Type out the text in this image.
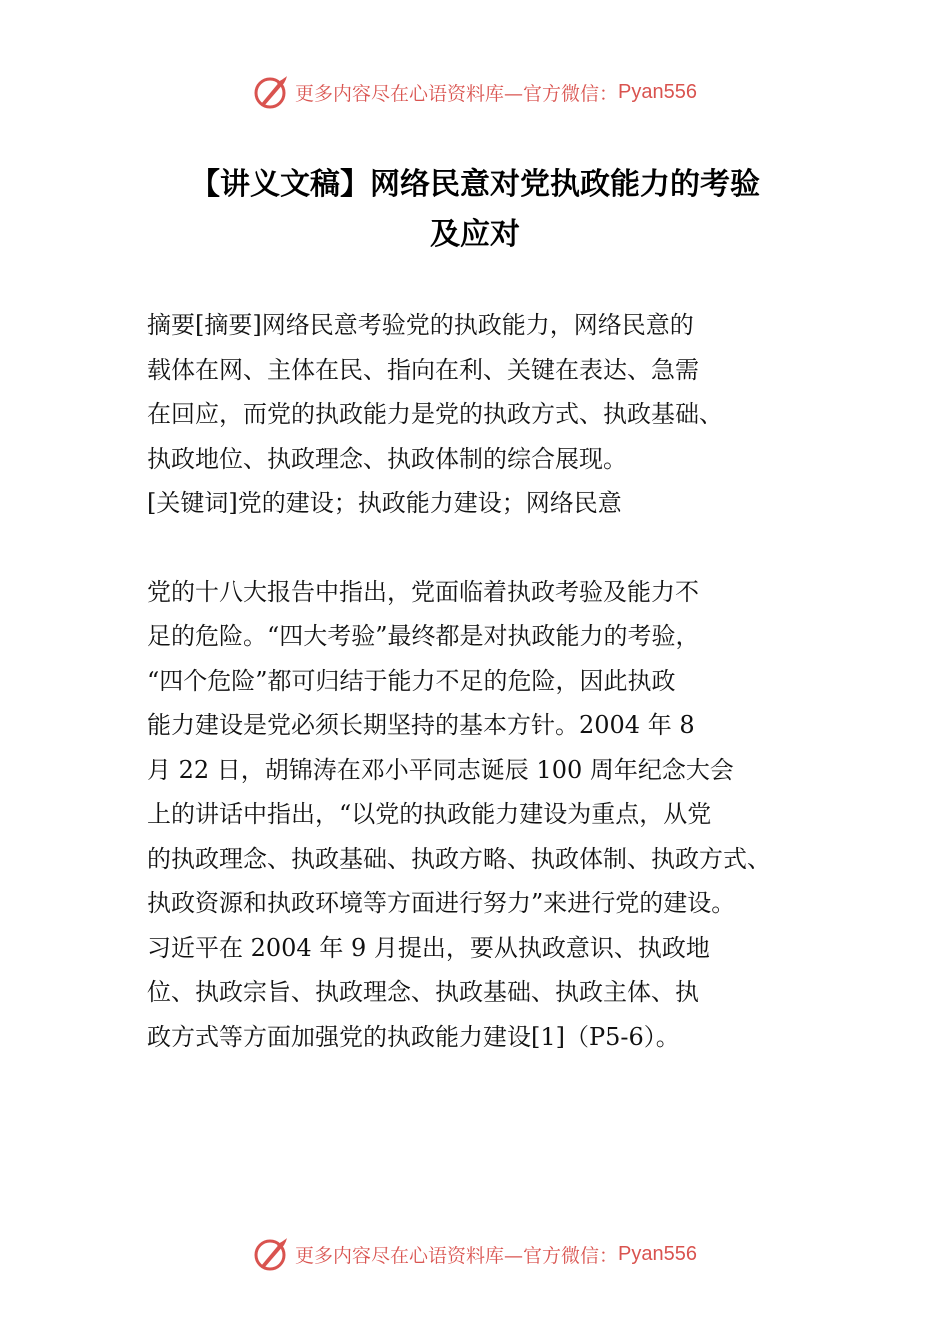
更多内容尽在心语资料库—官方微信： Pyan556
【讲义文稿】网络民意对党执政能力的考验
及应对
摘要[摘要]网络民意考验党的执政能力，网络民意的
载体在网、主体在民、指向在利、关键在表达、急需
在回应，而党的执政能力是党的执政方式、执政基础、
执政地位、执政理念、执政体制的综合展现。
[关键词]党的建设；执政能力建设；网络民意
党的十八大报告中指出，党面临着执政考验及能力不
足的危险。“四大考验”最终都是对执政能力的考验，
“四个危险”都可归结于能力不足的危险，因此执政
能力建设是党必须长期坚持的基本方针。2004 年 8
月 22 日，胡锦涛在邓小平同志诞辰 100 周年纪念大会
上的讲话中指出，“以党的执政能力建设为重点，从党
的执政理念、执政基础、执政方略、执政体制、执政方式、
执政资源和执政环境等方面进行努力”来进行党的建设。
习近平在 2004 年 9 月提出，要从执政意识、执政地
位、执政宗旨、执政理念、执政基础、执政主体、执
政方式等方面加强党的执政能力建设[1]（P5-6）。
更多内容尽在心语资料库—官方微信： Pyan556
